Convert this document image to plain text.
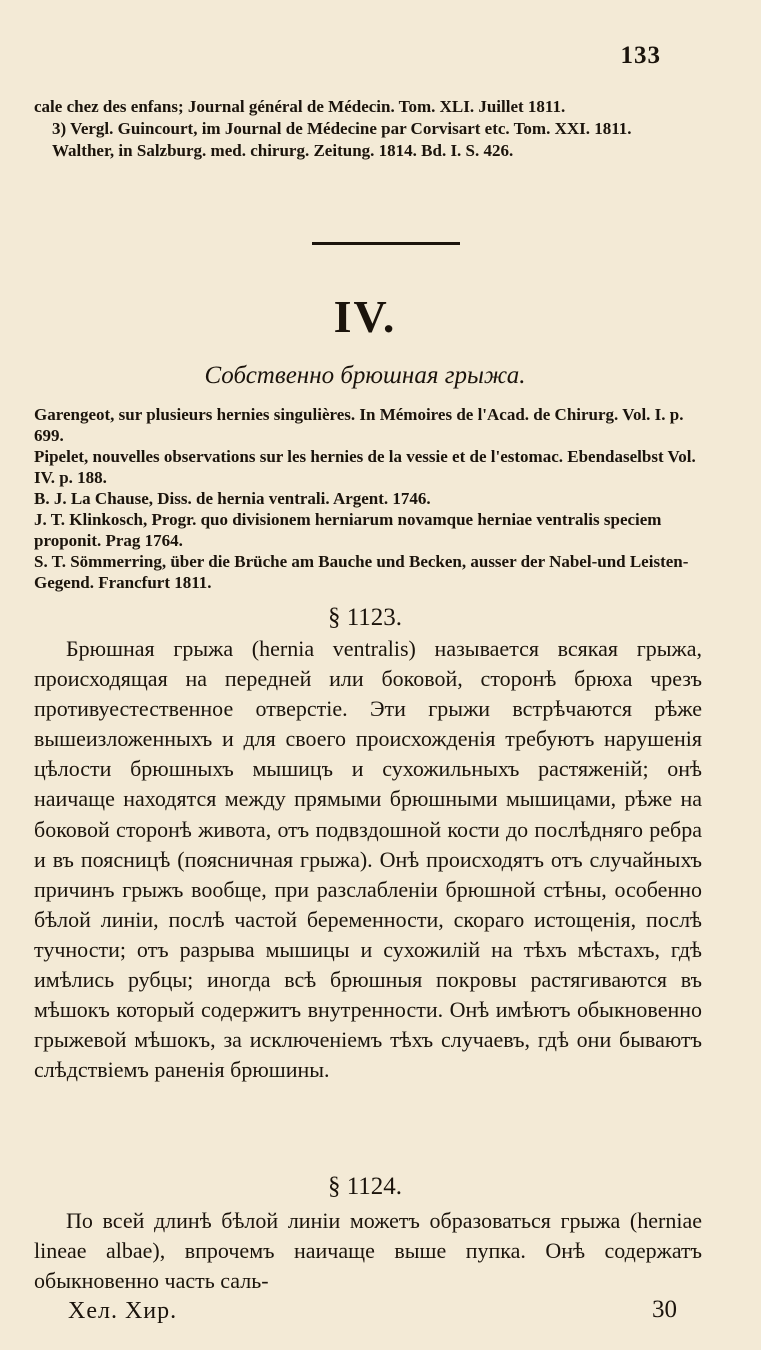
133

cale chez des enfans; Journal général de Médecin. Tom. XLI. Juillet 1811.

3) Vergl. Guincourt, im Journal de Médecine par Corvisart etc. Tom. XXI. 1811.

Walther, in Salzburg. med. chirurg. Zeitung. 1814. Bd. I. S. 426.

IV.
Собственно брюшная грыжа.

Garengeot, sur plusieurs hernies singulières. In Mémoires de l'Acad. de Chirurg. Vol. I. p. 699.

Pipelet, nouvelles observations sur les hernies de la vessie et de l'estomac. Ebendaselbst Vol. IV. p. 188.

B. J. La Chause, Diss. de hernia ventrali. Argent. 1746.

J. T. Klinkosch, Progr. quo divisionem herniarum novamque herniae ventralis speciem proponit. Prag 1764.

S. T. Sömmerring, über die Brüche am Bauche und Becken, ausser der Nabel-und Leisten-Gegend. Francfurt 1811.

§ 1123.
Брюшная грыжа (hernia ventralis) называется всякая грыжа, происходящая на передней или боковой, сторонѣ брюха чрезъ противуестественное отверстіе. Эти грыжи встрѣчаются рѣже вышеизложенныхъ и для своего происхожденія требуютъ нарушенія цѣлости брюшныхъ мышицъ и сухожильныхъ растяженій; онѣ наичаще находятся между прямыми брюшными мышицами, рѣже на боковой сторонѣ живота, отъ подвздошной кости до послѣдняго ребра и въ поясницѣ (поясничная грыжа). Онѣ происходятъ отъ случайныхъ причинъ грыжъ вообще, при разслабленіи брюшной стѣны, особенно бѣлой линіи, послѣ частой беременности, скораго истощенія, послѣ тучности; отъ разрыва мышицы и сухожилій на тѣхъ мѣстахъ, гдѣ имѣлись рубцы; иногда всѣ брюшныя покровы растягиваются въ мѣшокъ который содержитъ внутренности. Онѣ имѣютъ обыкновенно грыжевой мѣшокъ, за исключеніемъ тѣхъ случаевъ, гдѣ они бываютъ слѣдствіемъ раненія брюшины.
§ 1124.
По всей длинѣ бѣлой линіи можетъ образоваться грыжа (herniae lineae albae), впрочемъ наичаще выше пупка. Онѣ содержатъ обыкновенно часть саль-
Хел. Хир.	30
